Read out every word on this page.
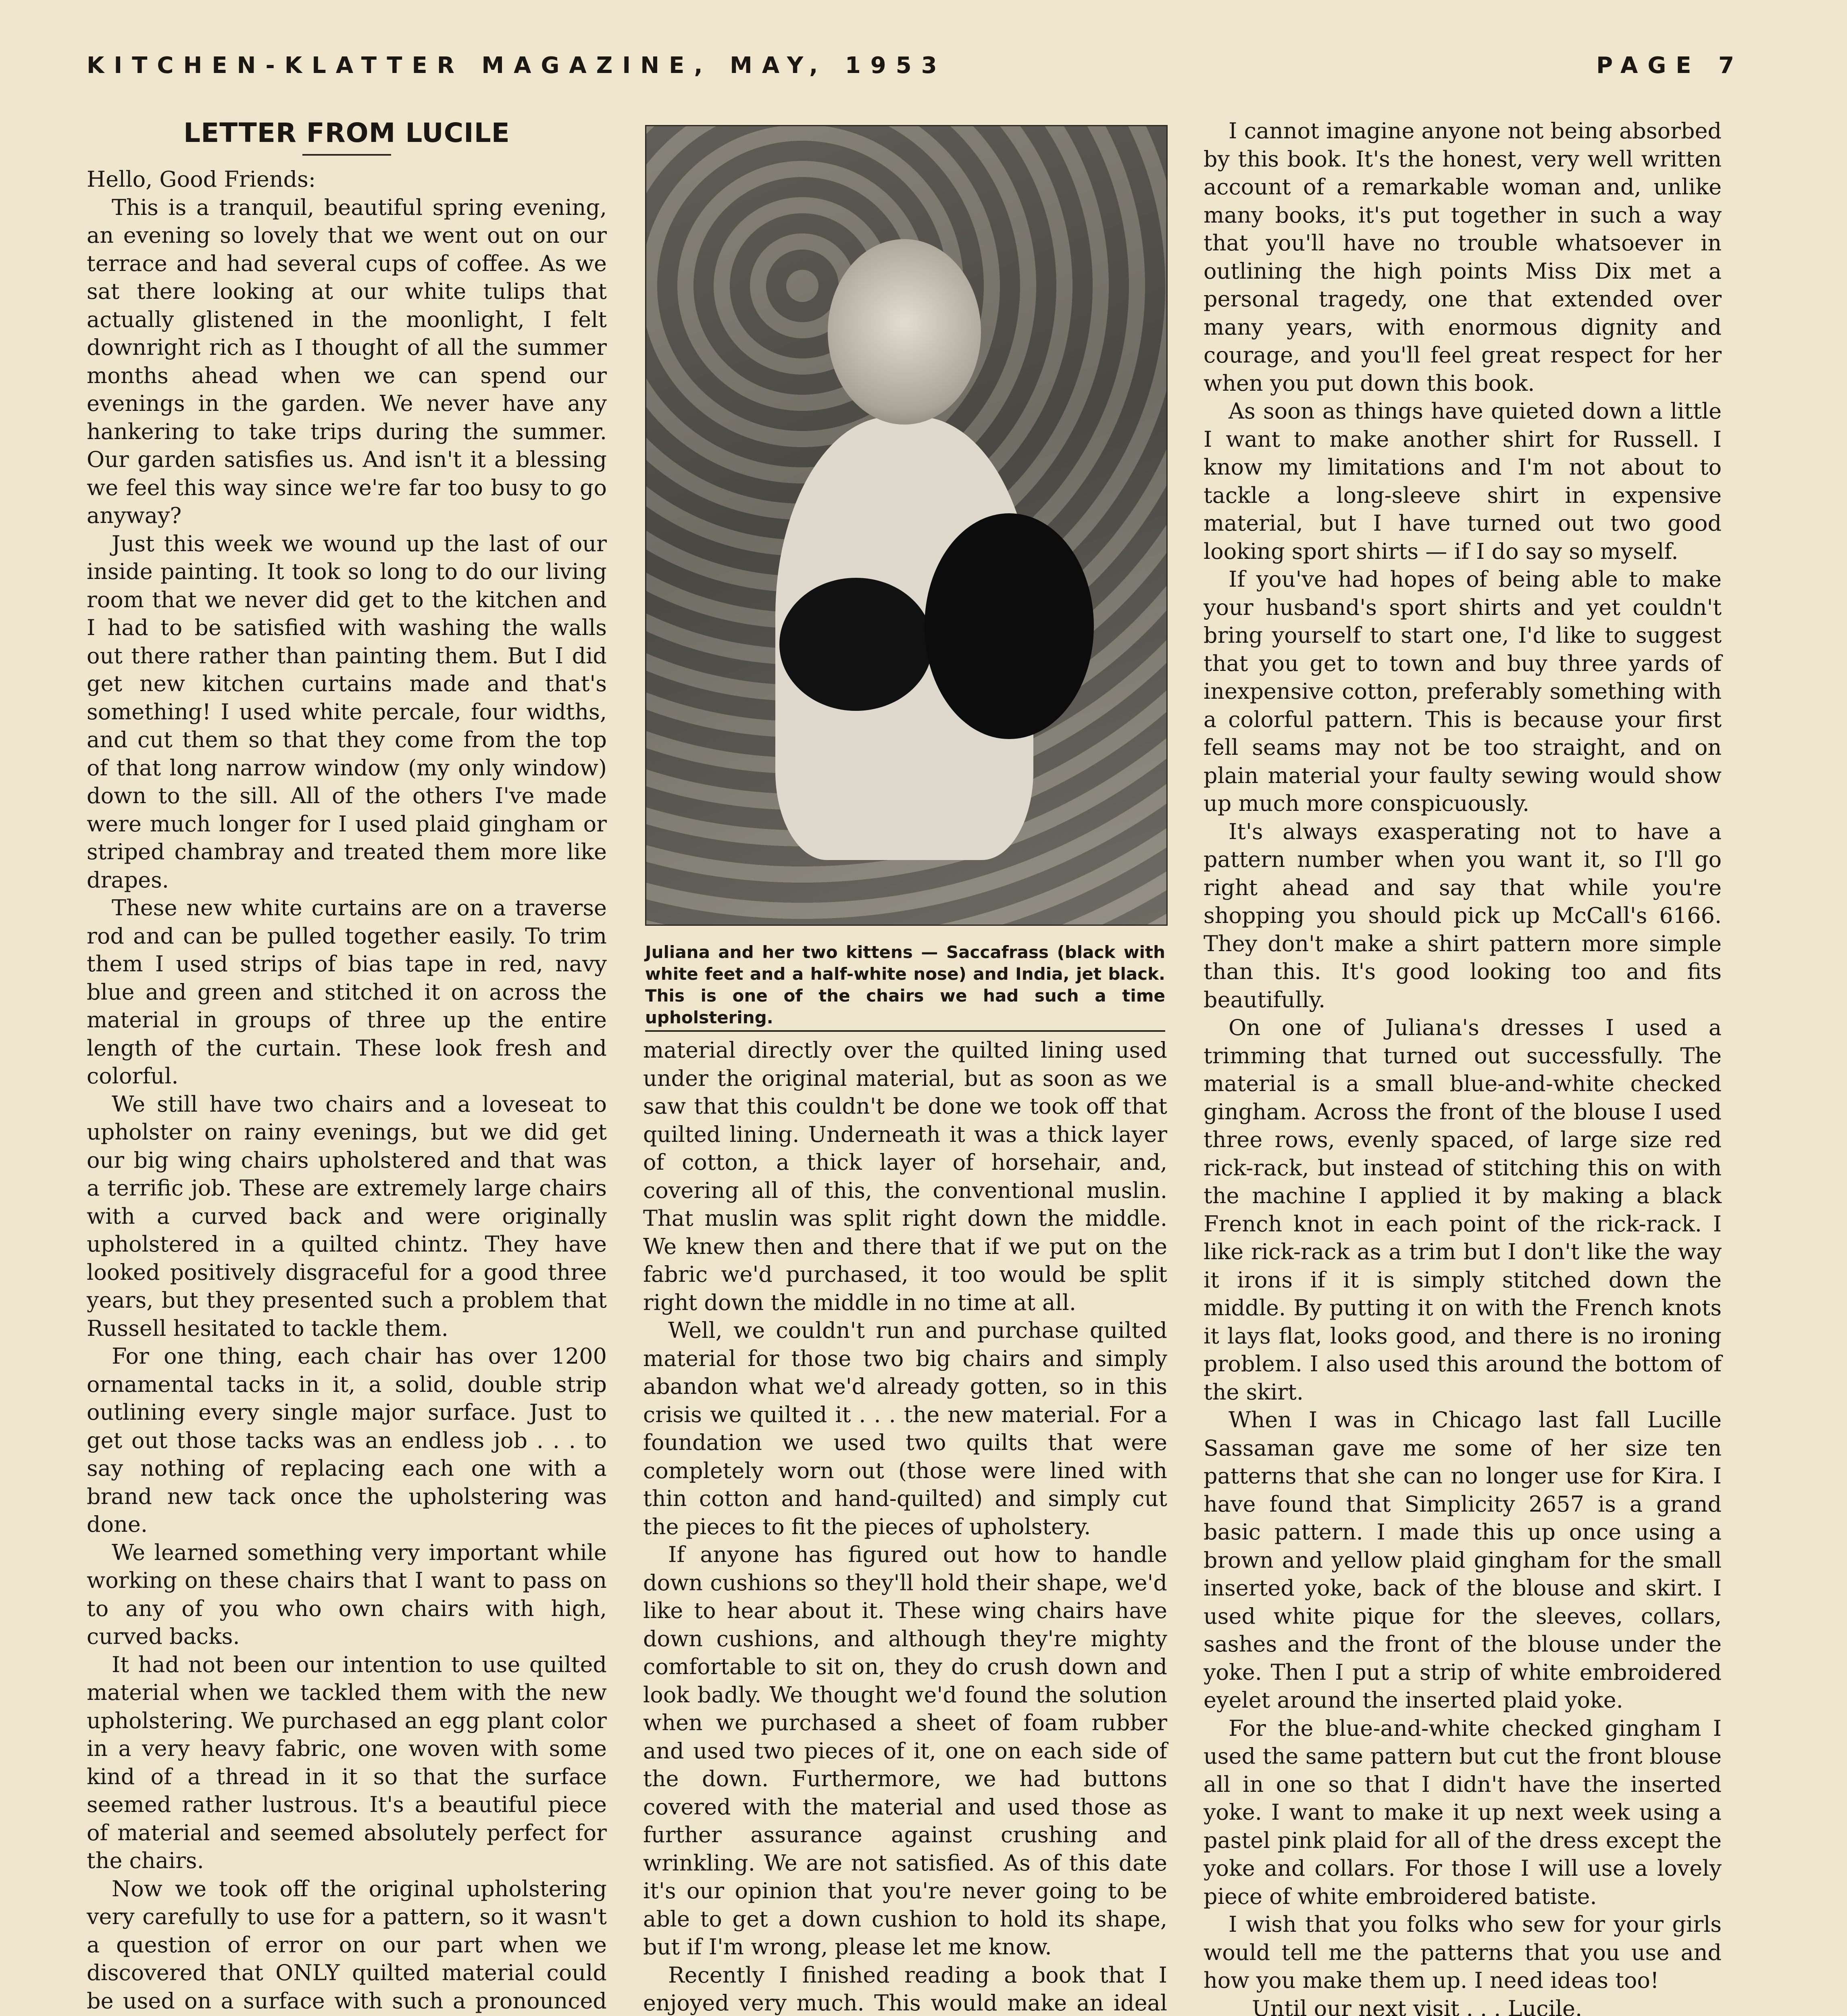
KITCHEN-KLATTER MAGAZINE, MAY, 1953	PAGE 7
LETTER FROM LUCILE

Hello, Good Friends:

This is a tranquil, beautiful spring evening, an evening so lovely that we went out on our terrace and had several cups of coffee. As we sat there looking at our white tulips that actually glistened in the moonlight, I felt downright rich as I thought of all the summer months ahead when we can spend our evenings in the garden. We never have any hankering to take trips during the summer. Our garden satisfies us. And isn't it a blessing we feel this way since we're far too busy to go anyway?

Just this week we wound up the last of our inside painting. It took so long to do our living room that we never did get to the kitchen and I had to be satisfied with washing the walls out there rather than painting them. But I did get new kitchen curtains made and that's something! I used white percale, four widths, and cut them so that they come from the top of that long narrow window (my only window) down to the sill. All of the others I've made were much longer for I used plaid gingham or striped chambray and treated them more like drapes.

These new white curtains are on a traverse rod and can be pulled together easily. To trim them I used strips of bias tape in red, navy blue and green and stitched it on across the material in groups of three up the entire length of the curtain. These look fresh and colorful.

We still have two chairs and a loveseat to upholster on rainy evenings, but we did get our big wing chairs upholstered and that was a terrific job. These are extremely large chairs with a curved back and were originally upholstered in a quilted chintz. They have looked positively disgraceful for a good three years, but they presented such a problem that Russell hesitated to tackle them.

For one thing, each chair has over 1200 ornamental tacks in it, a solid, double strip outlining every single major surface. Just to get out those tacks was an endless job . . . to say nothing of replacing each one with a brand new tack once the upholstering was done.

We learned something very important while working on these chairs that I want to pass on to any of you who own chairs with high, curved backs.

It had not been our intention to use quilted material when we tackled them with the new upholstering. We purchased an egg plant color in a very heavy fabric, one woven with some kind of a thread in it so that the surface seemed rather lustrous. It's a beautiful piece of material and seemed absolutely perfect for the chairs.

Now we took off the original upholstering very carefully to use for a pattern, so it wasn't a question of error on our part when we discovered that ONLY quilted material could be used on a surface with such a pronounced

Juliana and her two kittens — Saccafrass (black with white feet and a half-white nose) and India, jet black. This is one of the chairs we had such a time upholstering.

material directly over the quilted lining used under the original material, but as soon as we saw that this couldn't be done we took off that quilted lining. Underneath it was a thick layer of cotton, a thick layer of horsehair, and, covering all of this, the conventional muslin. That muslin was split right down the middle. We knew then and there that if we put on the fabric we'd purchased, it too would be split right down the middle in no time at all.

Well, we couldn't run and purchase quilted material for those two big chairs and simply abandon what we'd already gotten, so in this crisis we quilted it . . . the new material. For a foundation we used two quilts that were completely worn out (those were lined with thin cotton and hand-quilted) and simply cut the pieces to fit the pieces of upholstery.

If anyone has figured out how to handle down cushions so they'll hold their shape, we'd like to hear about it. These wing chairs have down cushions, and although they're mighty comfortable to sit on, they do crush down and look badly. We thought we'd found the solution when we purchased a sheet of foam rubber and used two pieces of it, one on each side of the down. Furthermore, we had buttons covered with the material and used those as further assurance against crushing and wrinkling. We are not satisfied. As of this date it's our opinion that you're never going to be able to get a down cushion to hold its shape, but if I'm wrong, please let me know.

Recently I finished reading a book that I enjoyed very much. This would make an ideal

I cannot imagine anyone not being absorbed by this book. It's the honest, very well written account of a remarkable woman and, unlike many books, it's put together in such a way that you'll have no trouble whatsoever in outlining the high points Miss Dix met a personal tragedy, one that extended over many years, with enormous dignity and courage, and you'll feel great respect for her when you put down this book.

As soon as things have quieted down a little I want to make another shirt for Russell. I know my limitations and I'm not about to tackle a long-sleeve shirt in expensive material, but I have turned out two good looking sport shirts — if I do say so myself.

If you've had hopes of being able to make your husband's sport shirts and yet couldn't bring yourself to start one, I'd like to suggest that you get to town and buy three yards of inexpensive cotton, preferably something with a colorful pattern. This is because your first fell seams may not be too straight, and on plain material your faulty sewing would show up much more conspicuously.

It's always exasperating not to have a pattern number when you want it, so I'll go right ahead and say that while you're shopping you should pick up McCall's 6166. They don't make a shirt pattern more simple than this. It's good looking too and fits beautifully.

On one of Juliana's dresses I used a trimming that turned out successfully. The material is a small blue-and-white checked gingham. Across the front of the blouse I used three rows, evenly spaced, of large size red rick-rack, but instead of stitching this on with the machine I applied it by making a black French knot in each point of the rick-rack. I like rick-rack as a trim but I don't like the way it irons if it is simply stitched down the middle. By putting it on with the French knots it lays flat, looks good, and there is no ironing problem. I also used this around the bottom of the skirt.

When I was in Chicago last fall Lucille Sassaman gave me some of her size ten patterns that she can no longer use for Kira. I have found that Simplicity 2657 is a grand basic pattern. I made this up once using a brown and yellow plaid gingham for the small inserted yoke, back of the blouse and skirt. I used white pique for the sleeves, collars, sashes and the front of the blouse under the yoke. Then I put a strip of white embroidered eyelet around the inserted plaid yoke.

For the blue-and-white checked gingham I used the same pattern but cut the front blouse all in one so that I didn't have the inserted yoke. I want to make it up next week using a pastel pink plaid for all of the dress except the yoke and collars. For those I will use a lovely piece of white embroidered batiste.

I wish that you folks who sew for your girls would tell me the patterns that you use and how you make them up. I need ideas too!

Until our next visit . . . Lucile.
